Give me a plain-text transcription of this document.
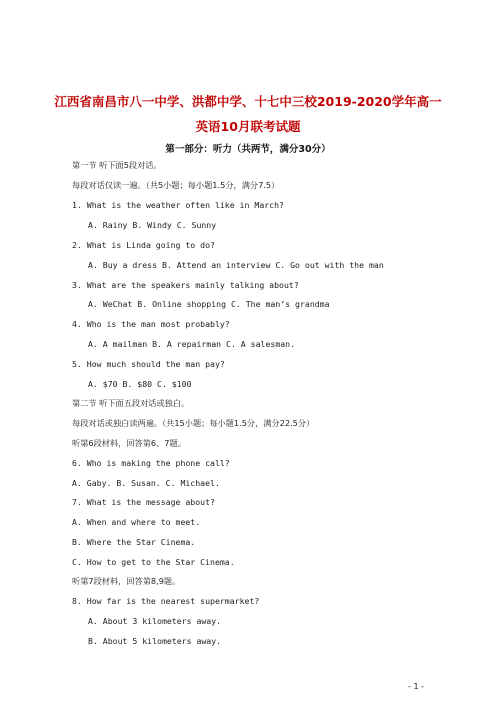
江西省南昌市八一中学、洪都中学、十七中三校2019-2020学年高一
英语10月联考试题
第一部分：听力（共两节，满分30分）
第一节 听下面5段对话。
每段对话仅读一遍。（共5小题；每小题1.5分，满分7.5）
1. What is the weather often like in March?
A. Rainy B. Windy C. Sunny
2. What is Linda going to do?
A. Buy a dress B. Attend an interview C. Go out with the man
3. What are the speakers mainly talking about?
A. WeChat B. Online shopping C. The man’s grandma
4. Who is the man most probably?
A. A mailman B. A repairman C. A salesman.
5. How much should the man pay?
A. $70 B. $80 C. $100
第二节 听下面五段对话或独白。
每段对话或独白读两遍。（共15小题；每小题1.5分，满分22.5分）
听第6段材料，回答第6、7题。
6. Who is making the phone call?
A. Gaby. B. Susan. C. Michael.
7. What is the message about?
A. When and where to meet.
B. Where the Star Cinema.
C. How to get to the Star Cinema.
听第7段材料，回答第8,9题。
8. How far is the nearest supermarket?
A. About 3 kilometers away.
B. About 5 kilometers away.
- 1 -
